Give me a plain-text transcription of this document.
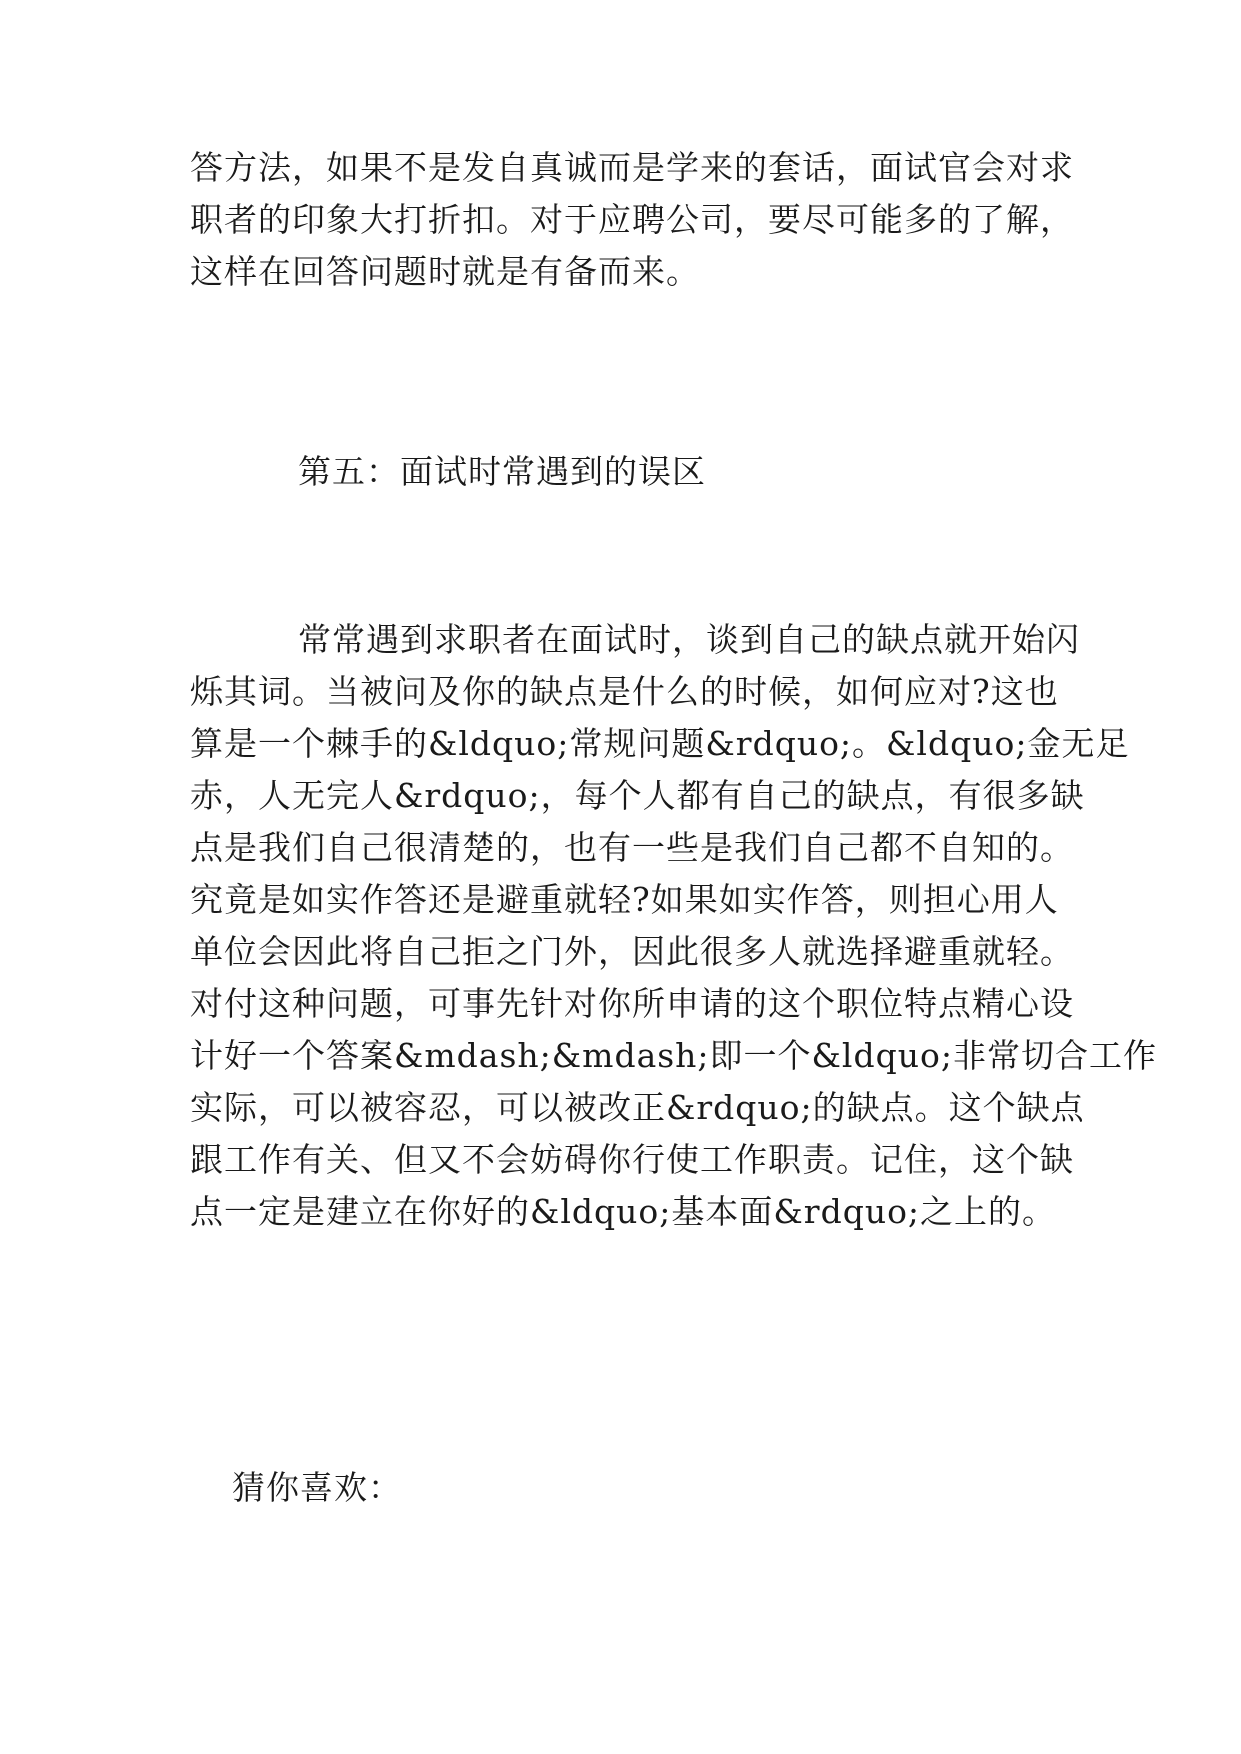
答方法，如果不是发自真诚而是学来的套话，面试官会对求
职者的印象大打折扣。对于应聘公司，要尽可能多的了解，
这样在回答问题时就是有备而来。
第五：面试时常遇到的误区
常常遇到求职者在面试时，谈到自己的缺点就开始闪
烁其词。当被问及你的缺点是什么的时候，如何应对?这也
算是一个棘手的&ldquo;常规问题&rdquo;。&ldquo;金无足
赤，人无完人&rdquo;，每个人都有自己的缺点，有很多缺
点是我们自己很清楚的，也有一些是我们自己都不自知的。
究竟是如实作答还是避重就轻?如果如实作答，则担心用人
单位会因此将自己拒之门外，因此很多人就选择避重就轻。
对付这种问题，可事先针对你所申请的这个职位特点精心设
计好一个答案&mdash;&mdash;即一个&ldquo;非常切合工作
实际，可以被容忍，可以被改正&rdquo;的缺点。这个缺点
跟工作有关、但又不会妨碍你行使工作职责。记住，这个缺
点一定是建立在你好的&ldquo;基本面&rdquo;之上的。
猜你喜欢：
